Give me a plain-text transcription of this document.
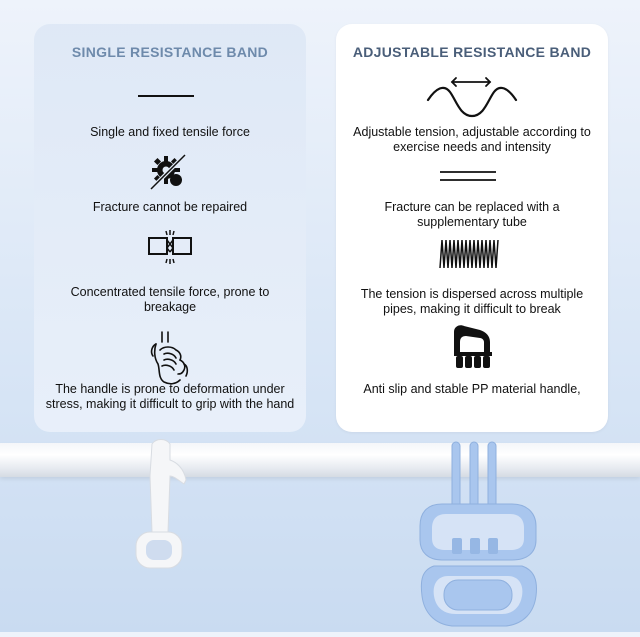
SINGLE RESISTANCE BAND
Single and fixed tensile force
Fracture cannot be repaired
Concentrated tensile force, prone to breakage
The handle is prone to deformation under stress, making it difficult to grip with the hand
ADJUSTABLE RESISTANCE BAND
Adjustable tension, adjustable according to exercise needs and intensity
Fracture can be replaced with a supplementary tube
The tension is dispersed across multiple pipes, making it difficult to break
Anti slip and stable PP material handle,
